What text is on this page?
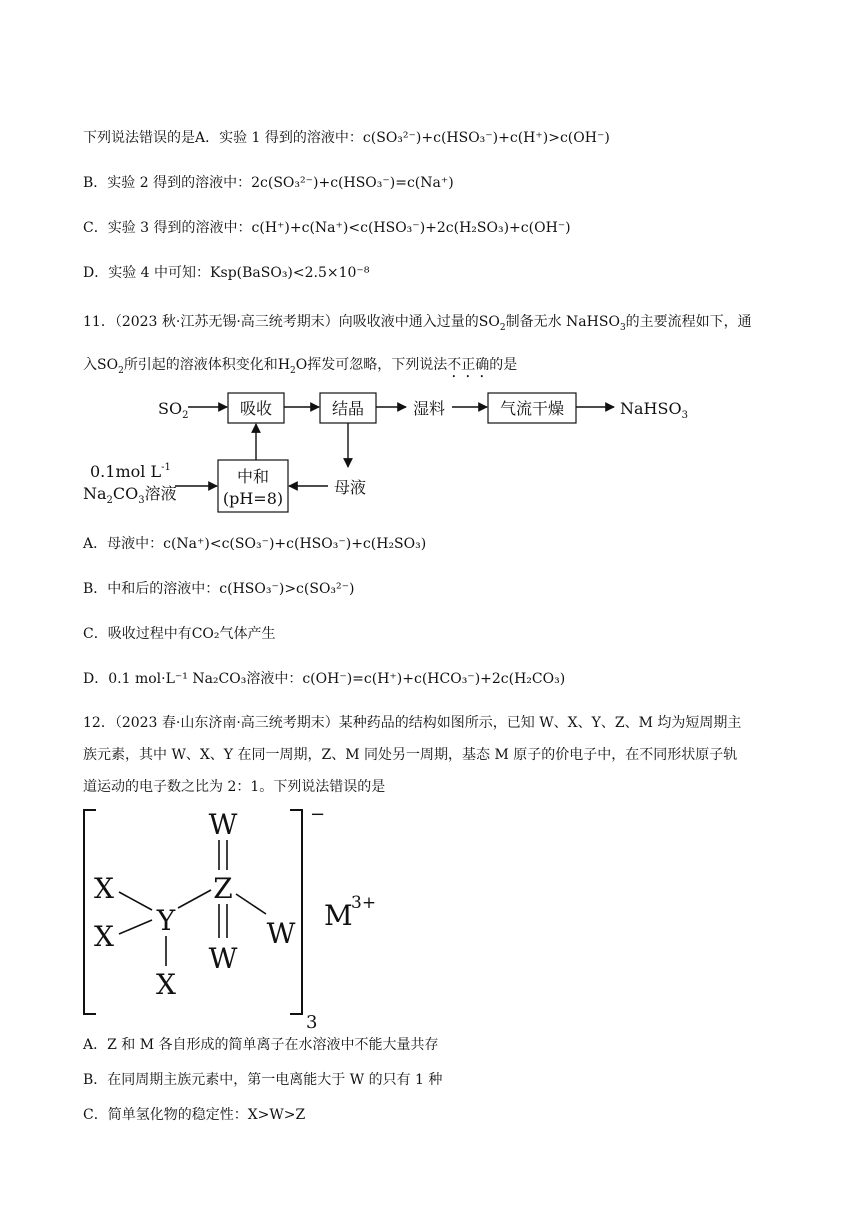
下列说法错误的是A．实验 1 得到的溶液中：c(SO₃²⁻)+c(HSO₃⁻)+c(H⁺)>c(OH⁻)
B．实验 2 得到的溶液中：2c(SO₃²⁻)+c(HSO₃⁻)=c(Na⁺)
C．实验 3 得到的溶液中：c(H⁺)+c(Na⁺)<c(HSO₃⁻)+2c(H₂SO₃)+c(OH⁻)
D．实验 4 中可知：Ksp(BaSO₃)<2.5×10⁻⁸
11．（2023 秋·江苏无锡·高三统考期末）向吸收液中通入过量的$SO_2$制备无水 NaHSO$_3$的主要流程如下，通
入$SO_2$所引起的溶液体积变化和$H_2O$挥发可忽略，下列说法不正确的是
$SO_2$	吸收	结晶	湿料	气流干燥	NaHSO$_3$
中和
(pH=8)
母液
0.1mol $L^{-1}$
$Na_2CO_3$溶液
A．母液中：c(Na⁺)<c(SO₃⁻)+c(HSO₃⁻)+c(H₂SO₃)
B．中和后的溶液中：c(HSO₃⁻)>c(SO₃²⁻)
C．吸收过程中有CO₂气体产生
D．0.1 mol·L⁻¹ Na₂CO₃溶液中：c(OH⁻)=c(H⁺)+c(HCO₃⁻)+2c(H₂CO₃)
12．（2023 春·山东济南·高三统考期末）某种药品的结构如图所示，已知 W、X、Y、Z、M 均为短周期主
族元素，其中 W、X、Y 在同一周期，Z、M 同处另一周期，基态 M 原子的价电子中，在不同形状原子轨
道运动的电子数之比为 2：1。下列说法错误的是
−
3
W
Z
W
W
Y
X
X
X
M
3+
A．Z 和 M 各自形成的简单离子在水溶液中不能大量共存
B．在同周期主族元素中，第一电离能大于 W 的只有 1 种
C．简单氢化物的稳定性：X>W>Z
